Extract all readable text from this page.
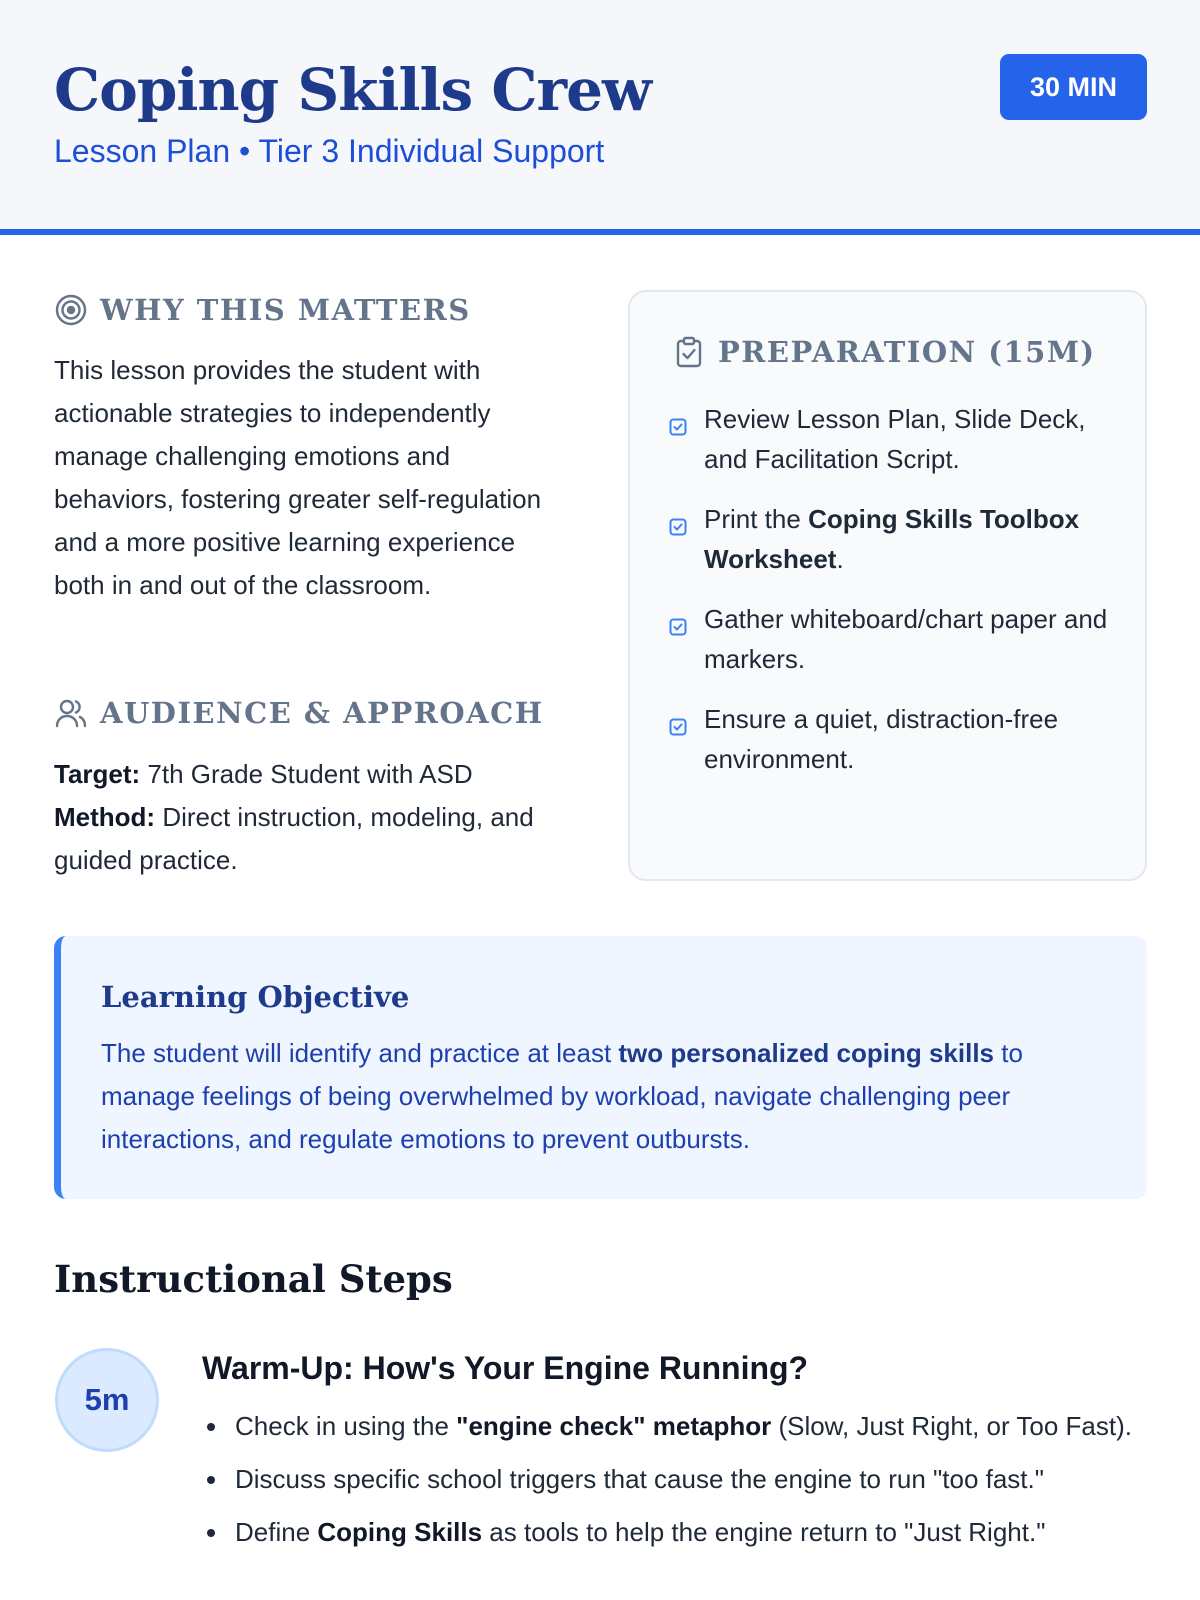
Coping Skills Crew
Lesson Plan • Tier 3 Individual Support
30 MIN
WHY THIS MATTERS
This lesson provides the student with actionable strategies to independently manage challenging emotions and behaviors, fostering greater self-regulation and a more positive learning experience both in and out of the classroom.
AUDIENCE & APPROACH
Target: 7th Grade Student with ASD
Method: Direct instruction, modeling, and guided practice.
PREPARATION (15M)
Review Lesson Plan, Slide Deck, and Facilitation Script.
Print the Coping Skills Toolbox Worksheet.
Gather whiteboard/chart paper and markers.
Ensure a quiet, distraction-free environment.
Learning Objective
The student will identify and practice at least two personalized coping skills to manage feelings of being overwhelmed by workload, navigate challenging peer interactions, and regulate emotions to prevent outbursts.
Instructional Steps
5m
Warm-Up: How's Your Engine Running?
Check in using the "engine check" metaphor (Slow, Just Right, or Too Fast).
Discuss specific school triggers that cause the engine to run "too fast."
Define Coping Skills as tools to help the engine return to "Just Right."
